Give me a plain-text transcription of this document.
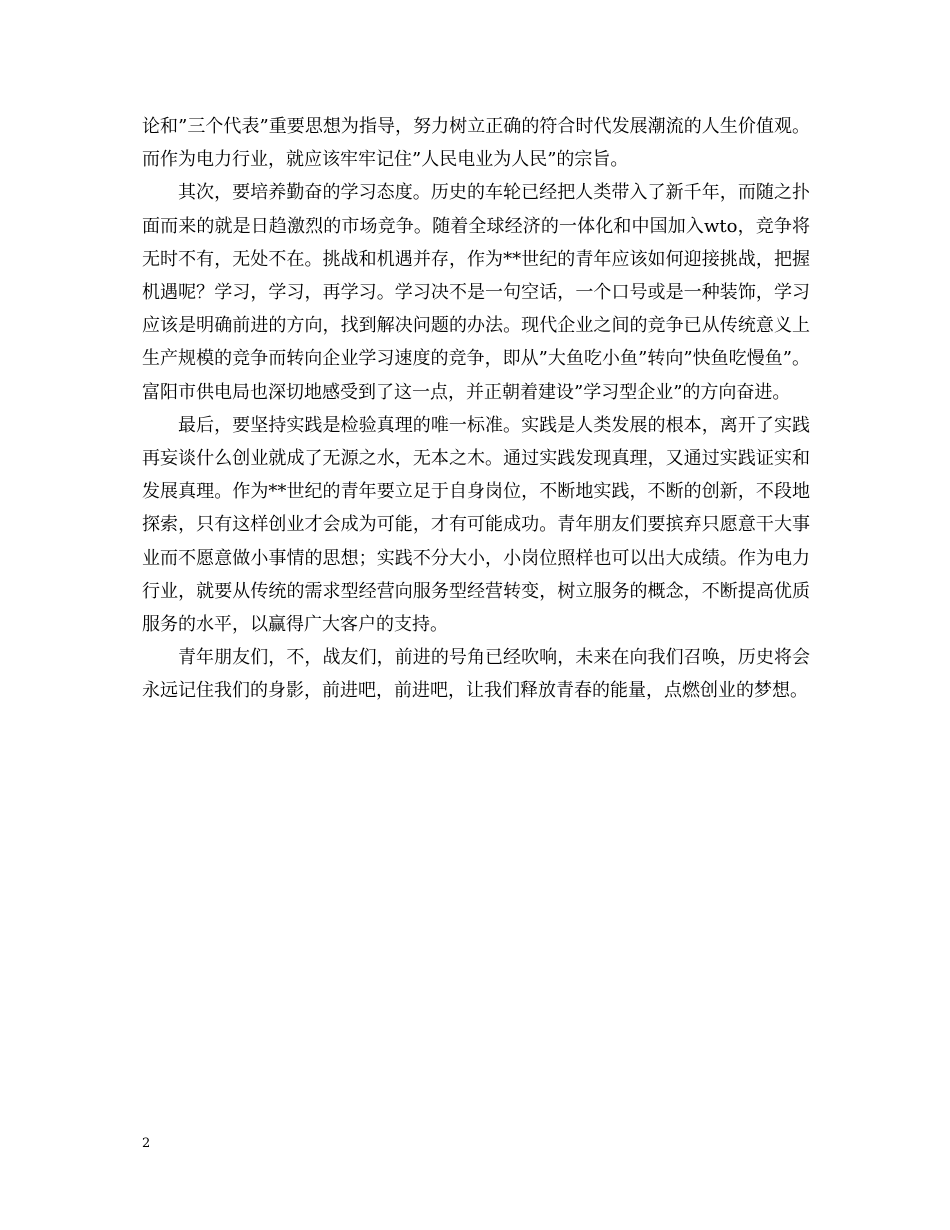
论和”三个代表”重要思想为指导，努力树立正确的符合时代发展潮流的人生价值观。而作为电力行业，就应该牢牢记住”人民电业为人民”的宗旨。

其次，要培养勤奋的学习态度。历史的车轮已经把人类带入了新千年，而随之扑面而来的就是日趋激烈的市场竞争。随着全球经济的一体化和中国加入wto，竞争将无时不有，无处不在。挑战和机遇并存，作为**世纪的青年应该如何迎接挑战，把握机遇呢？学习，学习，再学习。学习决不是一句空话，一个口号或是一种装饰，学习应该是明确前进的方向，找到解决问题的办法。现代企业之间的竞争已从传统意义上生产规模的竞争而转向企业学习速度的竞争，即从”大鱼吃小鱼”转向”快鱼吃慢鱼”。富阳市供电局也深切地感受到了这一点，并正朝着建设”学习型企业”的方向奋进。

最后，要坚持实践是检验真理的唯一标准。实践是人类发展的根本，离开了实践再妄谈什么创业就成了无源之水，无本之木。通过实践发现真理，又通过实践证实和发展真理。作为**世纪的青年要立足于自身岗位，不断地实践，不断的创新，不段地探索，只有这样创业才会成为可能，才有可能成功。青年朋友们要摈弃只愿意干大事业而不愿意做小事情的思想；实践不分大小，小岗位照样也可以出大成绩。作为电力行业，就要从传统的需求型经营向服务型经营转变，树立服务的概念，不断提高优质服务的水平，以赢得广大客户的支持。

青年朋友们，不，战友们，前进的号角已经吹响，未来在向我们召唤，历史将会永远记住我们的身影，前进吧，前进吧，让我们释放青春的能量，点燃创业的梦想。

2
